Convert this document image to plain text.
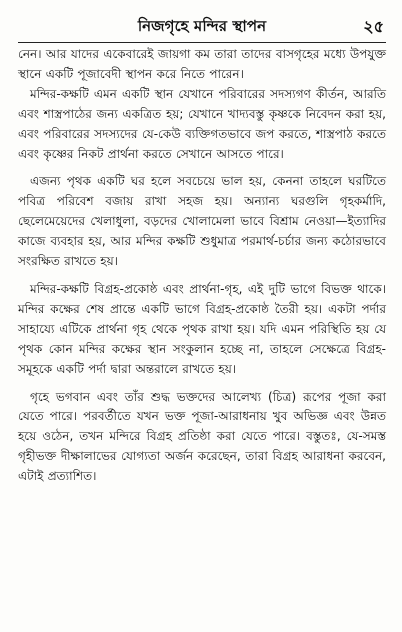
নিজগৃহে মন্দির স্থাপন	২৫

নেন। আর যাদের একেবারেই জায়গা কম তারা তাদের বাসগৃহের মধ্যে উপযুক্ত স্থানে একটি পূজাবেদী স্থাপন করে নিতে পারেন।

মন্দির-কক্ষটি এমন একটি স্থান যেখানে পরিবারের সদস্যগণ কীর্তন, আরতি এবং শাস্ত্রপাঠের জন্য একত্রিত হয়; যেখানে খাদ্যবস্তু কৃষ্ণকে নিবেদন করা হয়, এবং পরিবারের সদস্যদের যে-কেউ ব্যক্তিগতভাবে জপ করতে, শাস্ত্রপাঠ করতে এবং কৃষ্ণের নিকট প্রার্থনা করতে সেখানে আসতে পারে।

এজন্য পৃথক একটি ঘর হলে সবচেয়ে ভাল হয়, কেননা তাহলে ঘরটিতে পবিত্র পরিবেশ বজায় রাখা সহজ হয়। অন্যান্য ঘরগুলি গৃহকর্মাদি, ছেলেমেয়েদের খেলাধুলা, বড়দের খোলামেলা ভাবে বিশ্রাম নেওয়া—ইত্যাদির কাজে ব্যবহার হয়, আর মন্দির কক্ষটি শুধুমাত্র পরমার্থ-চর্চার জন্য কঠোরভাবে সংরক্ষিত রাখতে হয়।

মন্দির-কক্ষটি বিগ্রহ-প্রকোষ্ঠ এবং প্রার্থনা-গৃহ, এই দুটি ভাগে বিভক্ত থাকে। মন্দির কক্ষের শেষ প্রান্তে একটি ভাগে বিগ্রহ-প্রকোষ্ঠ তৈরী হয়। একটা পর্দার সাহায্যে এটিকে প্রার্থনা গৃহ থেকে পৃথক রাখা হয়। যদি এমন পরিস্থিতি হয় যে পৃথক কোন মন্দির কক্ষের স্থান সংকুলান হচ্ছে না, তাহলে সেক্ষেত্রে বিগ্রহ-সমূহকে একটি পর্দা দ্বারা অন্তরালে রাখতে হয়।

গৃহে ভগবান এবং তাঁর শুদ্ধ ভক্তদের আলেখ্য (চিত্র) রূপের পূজা করা যেতে পারে। পরবর্তীতে যখন ভক্ত পূজা-আরাধনায় খুব অভিজ্ঞ এবং উন্নত হয়ে ওঠেন, তখন মন্দিরে বিগ্রহ প্রতিষ্ঠা করা যেতে পারে। বস্তুতঃ, যে-সমস্ত গৃহীভক্ত দীক্ষালাভের যোগ্যতা অর্জন করেছেন, তারা বিগ্রহ আরাধনা করবেন, এটাই প্রত্যাশিত।
